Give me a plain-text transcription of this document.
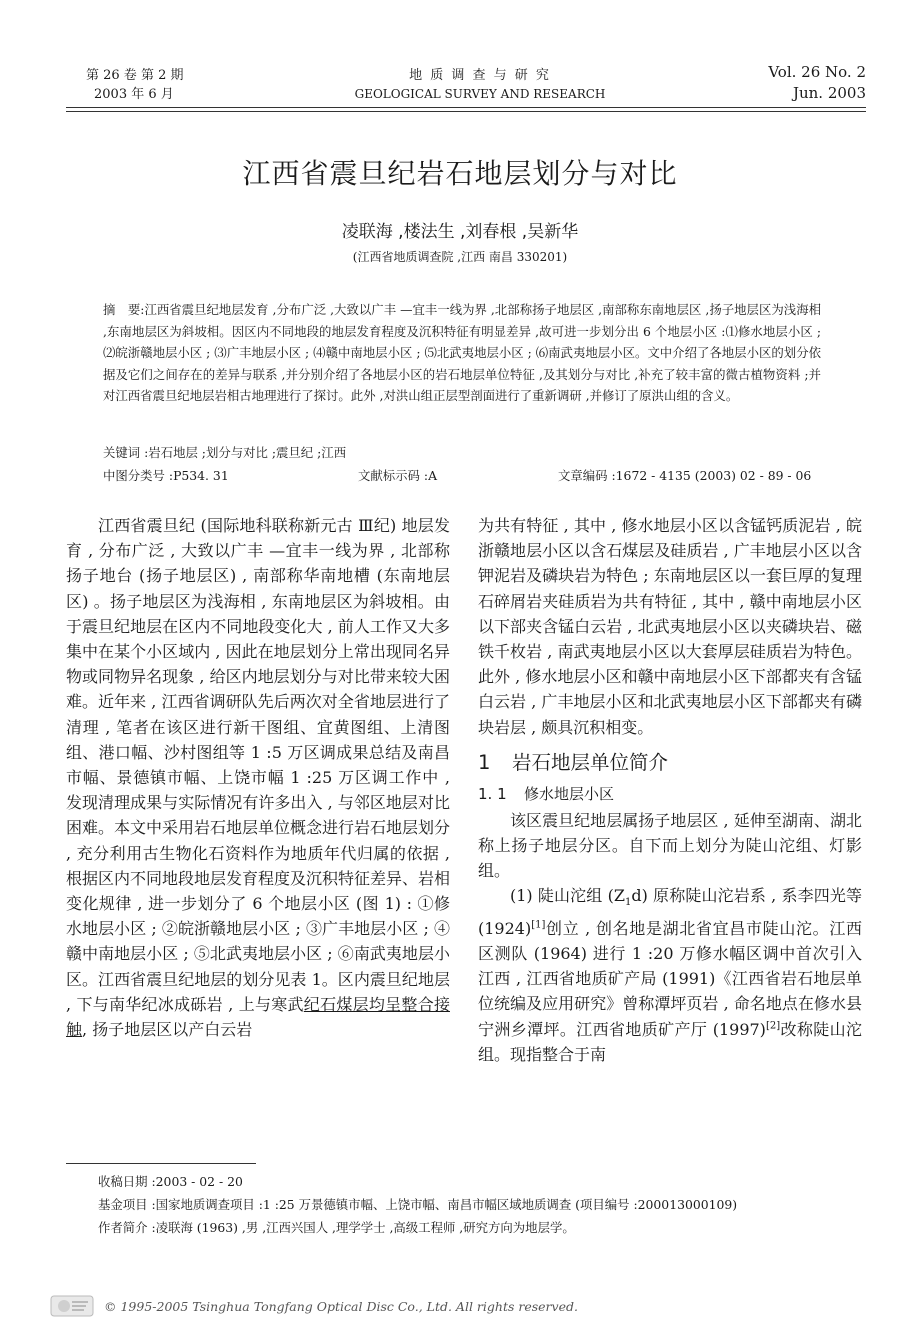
第 26 卷 第 2 期
2003 年 6 月
地 质 调 查 与 研 究
GEOLOGICAL SURVEY AND RESEARCH
Vol. 26 No. 2
Jun. 2003
江西省震旦纪岩石地层划分与对比
凌联海 ,楼法生 ,刘春根 ,吴新华
(江西省地质调查院 ,江西 南昌 330201)
摘　要:江西省震旦纪地层发育 ,分布广泛 ,大致以广丰 —宜丰一线为界 ,北部称扬子地层区 ,南部称东南地层区 ,扬子地层区为浅海相 ,东南地层区为斜坡相。因区内不同地段的地层发育程度及沉积特征有明显差异 ,故可进一步划分出 6 个地层小区 :⑴修水地层小区 ; ⑵皖浙赣地层小区 ; ⑶广丰地层小区 ; ⑷赣中南地层小区 ; ⑸北武夷地层小区 ; ⑹南武夷地层小区。文中介绍了各地层小区的划分依据及它们之间存在的差异与联系 ,并分别介绍了各地层小区的岩石地层单位特征 ,及其划分与对比 ,补充了较丰富的微古植物资料 ;并对江西省震旦纪地层岩相古地理进行了探讨。此外 ,对洪山组正层型剖面进行了重新调研 ,并修订了原洪山组的含义。
关键词 :岩石地层 ;划分与对比 ;震旦纪 ;江西
中图分类号 :P534. 31	文献标示码 :A	文章编码 :1672 - 4135 (2003) 02 - 89 - 06

江西省震旦纪 (国际地科联称新元古 Ⅲ纪) 地层发育 , 分布广泛 , 大致以广丰 —宜丰一线为界 , 北部称扬子地台 (扬子地层区) , 南部称华南地槽 (东南地层区) 。扬子地层区为浅海相 , 东南地层区为斜坡相。由于震旦纪地层在区内不同地段变化大 , 前人工作又大多集中在某个小区域内 , 因此在地层划分上常出现同名异物或同物异名现象 , 给区内地层划分与对比带来较大困难。近年来 , 江西省调研队先后两次对全省地层进行了清理 , 笔者在该区进行新干图组、宜黄图组、上清图组、港口幅、沙村图组等 1 :5 万区调成果总结及南昌市幅、景德镇市幅、上饶市幅 1 :25 万区调工作中 , 发现清理成果与实际情况有许多出入 , 与邻区地层对比困难。本文中采用岩石地层单位概念进行岩石地层划分 , 充分利用古生物化石资料作为地质年代归属的依据 , 根据区内不同地段地层发育程度及沉积特征差异、岩相变化规律 , 进一步划分了 6 个地层小区 (图 1) : ①修水地层小区 ; ②皖浙赣地层小区 ; ③广丰地层小区 ; ④赣中南地层小区 ; ⑤北武夷地层小区 ; ⑥南武夷地层小区。江西省震旦纪地层的划分见表 1。区内震旦纪地层 , 下与南华纪冰成砾岩 , 上与寒武纪石煤层均呈整合接触, 扬子地层区以产白云岩

为共有特征 , 其中 , 修水地层小区以含锰钙质泥岩 , 皖浙赣地层小区以含石煤层及硅质岩 , 广丰地层小区以含钾泥岩及磷块岩为特色 ; 东南地层区以一套巨厚的复理石碎屑岩夹硅质岩为共有特征 , 其中 , 赣中南地层小区以下部夹含锰白云岩 , 北武夷地层小区以夹磷块岩、磁铁千枚岩 , 南武夷地层小区以大套厚层硅质岩为特色。此外 , 修水地层小区和赣中南地层小区下部都夹有含锰白云岩 , 广丰地层小区和北武夷地层小区下部都夹有磷块岩层 , 颇具沉积相变。

1 岩石地层单位简介
1. 1 修水地层小区

该区震旦纪地层属扬子地层区 , 延伸至湖南、湖北称上扬子地层分区。自下而上划分为陡山沱组、灯影组。

(1) 陡山沱组 $(Z_1d)$ 原称陡山沱岩系 , 系李四光等 (1924)[1]创立 , 创名地是湖北省宜昌市陡山沱。江西区测队 (1964) 进行 1 :20 万修水幅区调中首次引入江西 , 江西省地质矿产局 (1991)《江西省岩石地层单位统编及应用研究》曾称潭坪页岩 , 命名地点在修水县宁洲乡潭坪。江西省地质矿产厅 (1997)[2]改称陡山沱组。现指整合于南

收稿日期 :2003 - 02 - 20
基金项目 :国家地质调查项目 :1 :25 万景德镇市幅、上饶市幅、南昌市幅区域地质调查 (项目编号 :200013000109)
作者简介 :凌联海 (1963) ,男 ,江西兴国人 ,理学学士 ,高级工程师 ,研究方向为地层学。
© 1995-2005 Tsinghua Tongfang Optical Disc Co., Ltd. All rights reserved.
